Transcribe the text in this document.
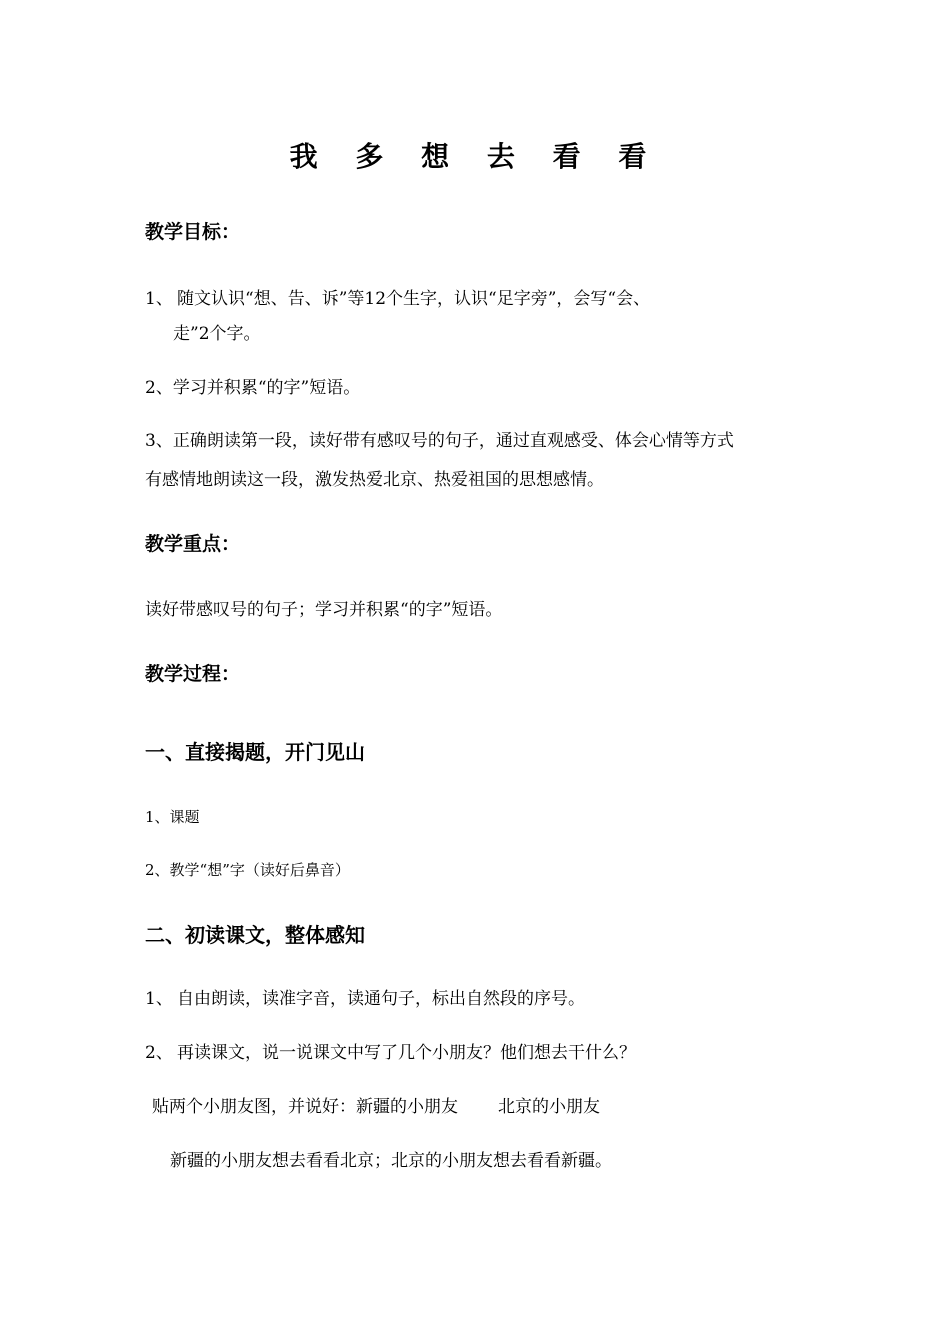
我 多 想 去 看 看
教学目标：
1、 随文认识“想、告、诉”等12个生字，认识“足字旁”，会写“会、
走”2个字。
2、学习并积累“的字”短语。
3、正确朗读第一段，读好带有感叹号的句子，通过直观感受、体会心情等方式
有感情地朗读这一段，激发热爱北京、热爱祖国的思想感情。
教学重点：
读好带感叹号的句子；学习并积累“的字”短语。
教学过程：
一、直接揭题，开门见山
1、课题
2、教学“想”字（读好后鼻音）
二、初读课文，整体感知
1、 自由朗读，读准字音，读通句子，标出自然段的序号。
2、 再读课文，说一说课文中写了几个小朋友？他们想去干什么？
贴两个小朋友图，并说好：新疆的小朋友 北京的小朋友
新疆的小朋友想去看看北京；北京的小朋友想去看看新疆。
